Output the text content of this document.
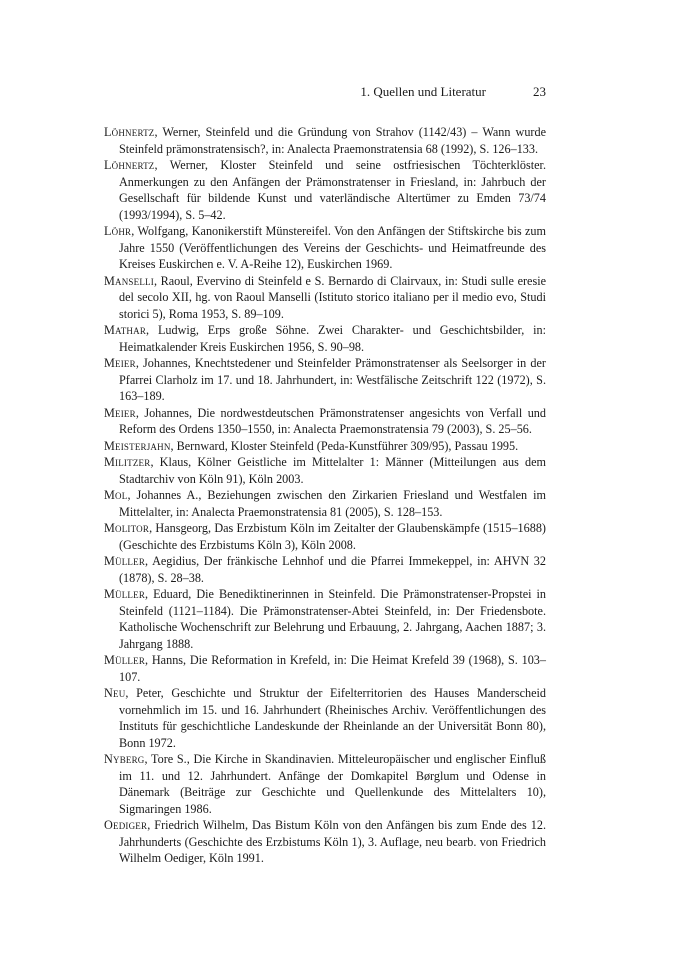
1. Quellen und Literatur	23
Löhnertz, Werner, Steinfeld und die Gründung von Strahov (1142/43) – Wann wurde Steinfeld prämonstratensisch?, in: Analecta Praemonstratensia 68 (1992), S. 126–133.
Löhnertz, Werner, Kloster Steinfeld und seine ostfriesischen Töchterklöster. Anmerkungen zu den Anfängen der Prämonstratenser in Friesland, in: Jahrbuch der Gesellschaft für bildende Kunst und vaterländische Altertümer zu Emden 73/74 (1993/1994), S. 5–42.
Löhr, Wolfgang, Kanonikerstift Münstereifel. Von den Anfängen der Stiftskirche bis zum Jahre 1550 (Veröffentlichungen des Vereins der Geschichts- und Heimatfreunde des Kreises Euskirchen e. V. A-Reihe 12), Euskirchen 1969.
Manselli, Raoul, Evervino di Steinfeld e S. Bernardo di Clairvaux, in: Studi sulle eresie del secolo XII, hg. von Raoul Manselli (Istituto storico italiano per il medio evo, Studi storici 5), Roma 1953, S. 89–109.
Mathar, Ludwig, Erps große Söhne. Zwei Charakter- und Geschichtsbilder, in: Heimatkalender Kreis Euskirchen 1956, S. 90–98.
Meier, Johannes, Knechtstedener und Steinfelder Prämonstratenser als Seelsorger in der Pfarrei Clarholz im 17. und 18. Jahrhundert, in: Westfälische Zeitschrift 122 (1972), S. 163–189.
Meier, Johannes, Die nordwestdeutschen Prämonstratenser angesichts von Verfall und Reform des Ordens 1350–1550, in: Analecta Praemonstratensia 79 (2003), S. 25–56.
Meisterjahn, Bernward, Kloster Steinfeld (Peda-Kunstführer 309/95), Passau 1995.
Militzer, Klaus, Kölner Geistliche im Mittelalter 1: Männer (Mitteilungen aus dem Stadtarchiv von Köln 91), Köln 2003.
Mol, Johannes A., Beziehungen zwischen den Zirkarien Friesland und Westfalen im Mittelalter, in: Analecta Praemonstratensia 81 (2005), S. 128–153.
Molitor, Hansgeorg, Das Erzbistum Köln im Zeitalter der Glaubenskämpfe (1515–1688) (Geschichte des Erzbistums Köln 3), Köln 2008.
Müller, Aegidius, Der fränkische Lehnhof und die Pfarrei Immekeppel, in: AHVN 32 (1878), S. 28–38.
Müller, Eduard, Die Benediktinerinnen in Steinfeld. Die Prämonstratenser-Propstei in Steinfeld (1121–1184). Die Prämonstratenser-Abtei Steinfeld, in: Der Friedensbote. Katholische Wochenschrift zur Belehrung und Erbauung, 2. Jahrgang, Aachen 1887; 3. Jahrgang 1888.
Müller, Hanns, Die Reformation in Krefeld, in: Die Heimat Krefeld 39 (1968), S. 103–107.
Neu, Peter, Geschichte und Struktur der Eifelterritorien des Hauses Manderscheid vornehmlich im 15. und 16. Jahrhundert (Rheinisches Archiv. Veröffentlichungen des Instituts für geschichtliche Landeskunde der Rheinlande an der Universität Bonn 80), Bonn 1972.
Nyberg, Tore S., Die Kirche in Skandinavien. Mitteleuropäischer und englischer Einfluß im 11. und 12. Jahrhundert. Anfänge der Domkapitel Børglum und Odense in Dänemark (Beiträge zur Geschichte und Quellenkunde des Mittelalters 10), Sigmaringen 1986.
Oediger, Friedrich Wilhelm, Das Bistum Köln von den Anfängen bis zum Ende des 12. Jahrhunderts (Geschichte des Erzbistums Köln 1), 3. Auflage, neu bearb. von Friedrich Wilhelm Oediger, Köln 1991.
